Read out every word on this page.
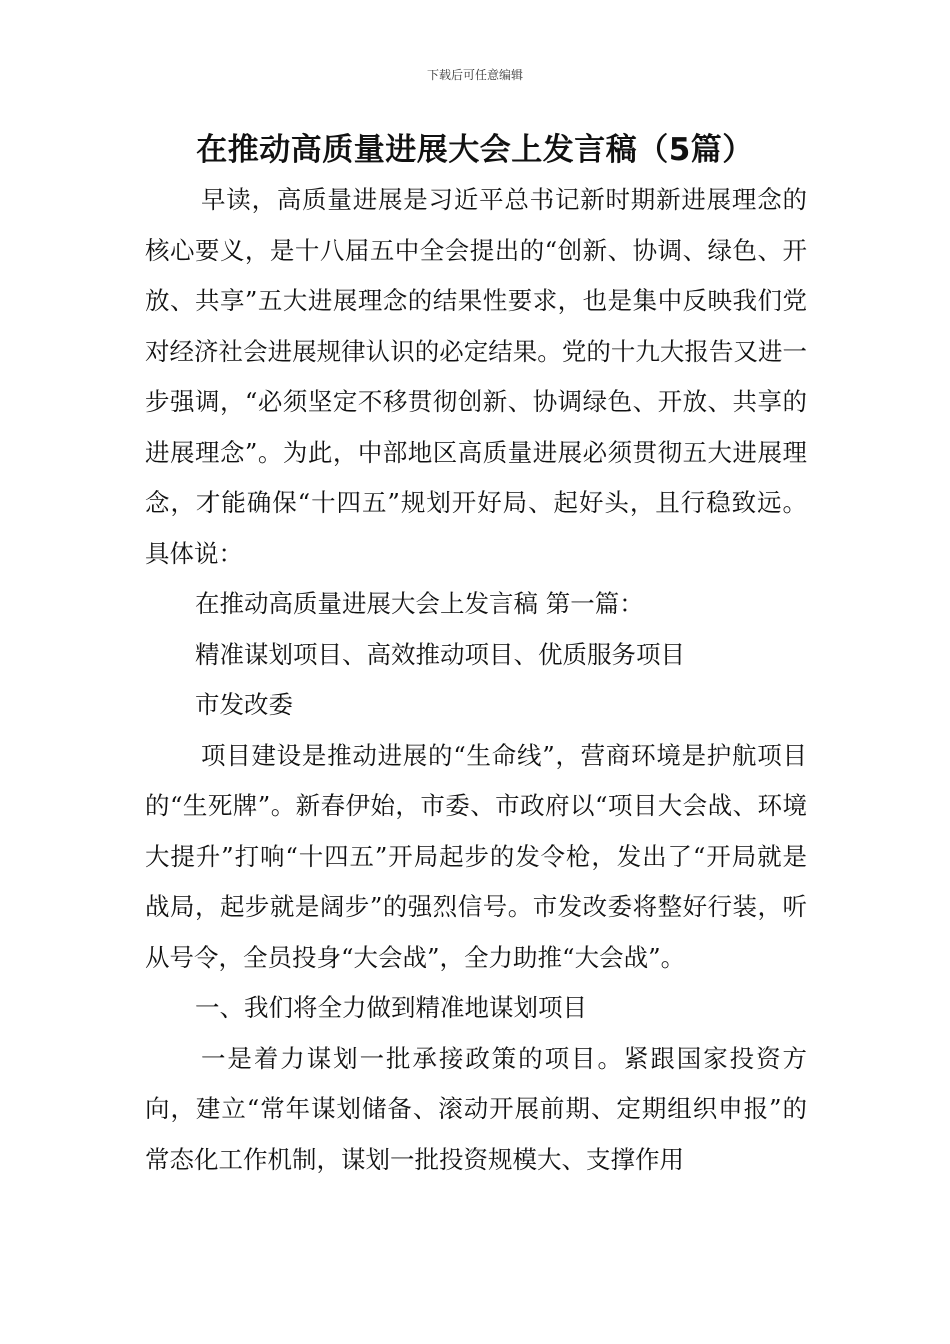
下载后可任意编辑
在推动高质量进展大会上发言稿（5篇）

早读，高质量进展是习近平总书记新时期新进展理念的核心要义，是十八届五中全会提出的“创新、协调、绿色、开放、共享”五大进展理念的结果性要求，也是集中反映我们党对经济社会进展规律认识的必定结果。党的十九大报告又进一步强调，“必须坚定不移贯彻创新、协调绿色、开放、共享的进展理念”。为此，中部地区高质量进展必须贯彻五大进展理念，才能确保“十四五”规划开好局、起好头，且行稳致远。具体说：

在推动高质量进展大会上发言稿 第一篇：

精准谋划项目、高效推动项目、优质服务项目

市发改委

项目建设是推动进展的“生命线”，营商环境是护航项目的“生死牌”。新春伊始，市委、市政府以“项目大会战、环境大提升”打响“十四五”开局起步的发令枪，发出了“开局就是战局，起步就是阔步”的强烈信号。市发改委将整好行装，听从号令，全员投身“大会战”，全力助推“大会战”。

一、我们将全力做到精准地谋划项目

一是着力谋划一批承接政策的项目。紧跟国家投资方向，建立“常年谋划储备、滚动开展前期、定期组织申报”的常态化工作机制，谋划一批投资规模大、支撑作用
